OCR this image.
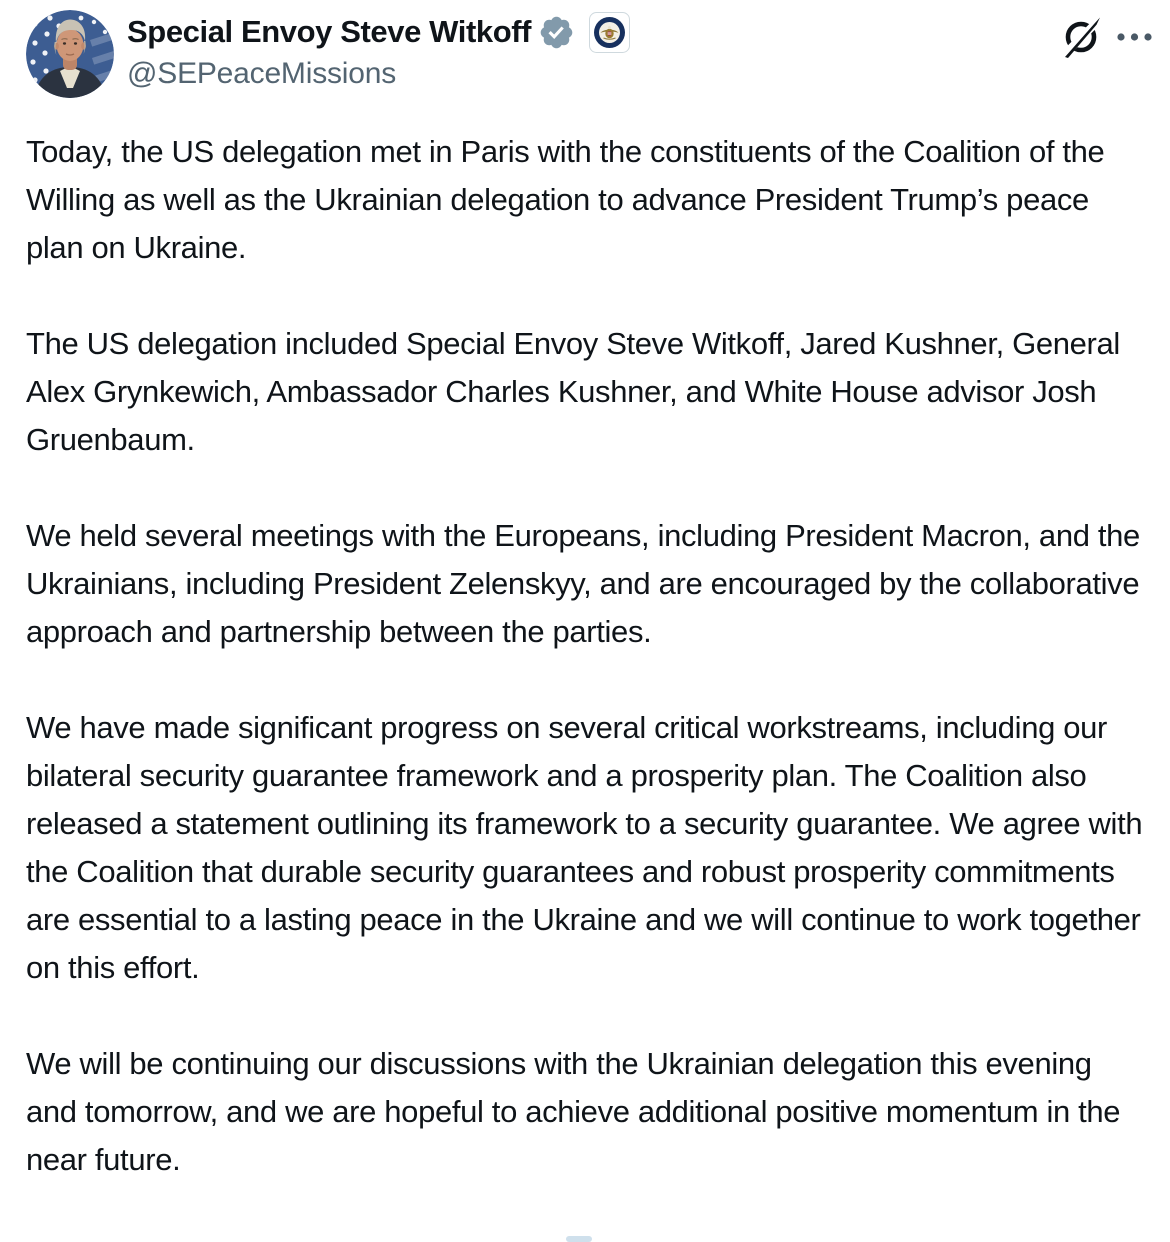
Special Envoy Steve Witkoff
@SEPeaceMissions

Today, the US delegation met in Paris with the constituents of the Coalition of the Willing as well as the Ukrainian delegation to advance President Trump’s peace plan on Ukraine.

The US delegation included Special Envoy Steve Witkoff, Jared Kushner, General Alex Grynkewich, Ambassador Charles Kushner, and White House advisor Josh Gruenbaum.

We held several meetings with the Europeans, including President Macron, and the Ukrainians, including President Zelenskyy, and are encouraged by the collaborative approach and partnership between the parties.

We have made significant progress on several critical workstreams, including our bilateral security guarantee framework and a prosperity plan. The Coalition also released a statement outlining its framework to a security guarantee. We agree with the Coalition that durable security guarantees and robust prosperity commitments are essential to a lasting peace in the Ukraine and we will continue to work together on this effort.

We will be continuing our discussions with the Ukrainian delegation this evening and tomorrow, and we are hopeful to achieve additional positive momentum in the near future.
